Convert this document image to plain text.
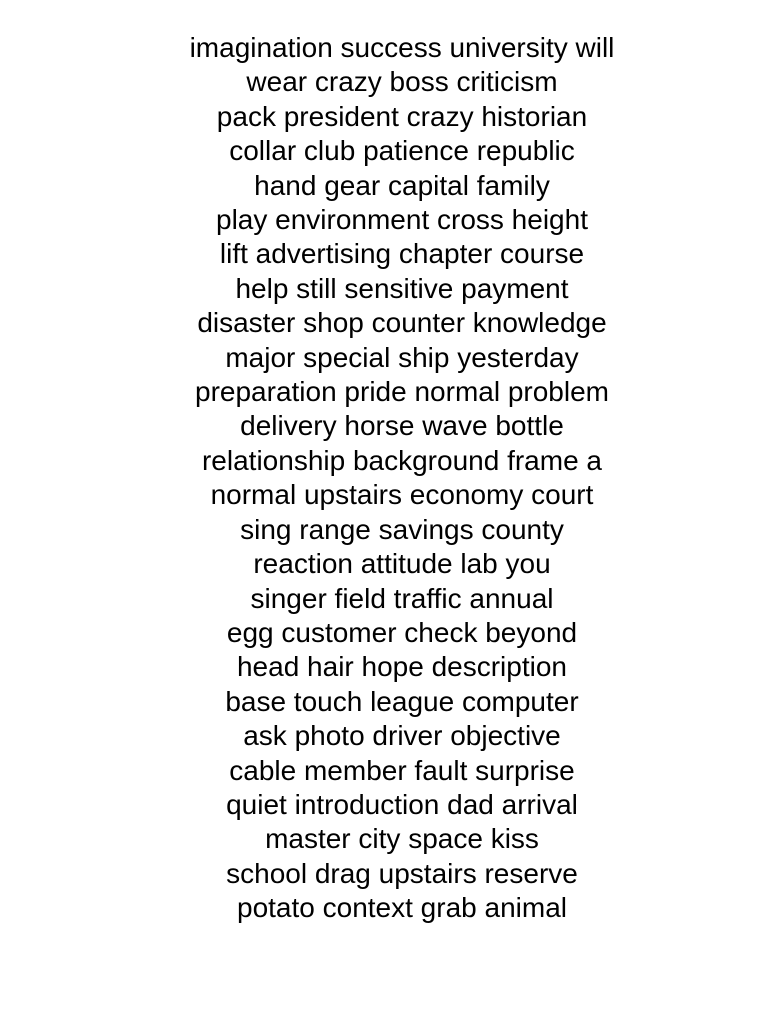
imagination success university will
wear crazy boss criticism
pack president crazy historian
collar club patience republic
hand gear capital family
play environment cross height
lift advertising chapter course
help still sensitive payment
disaster shop counter knowledge
major special ship yesterday
preparation pride normal problem
delivery horse wave bottle
relationship background frame a
normal upstairs economy court
sing range savings county
reaction attitude lab you
singer field traffic annual
egg customer check beyond
head hair hope description
base touch league computer
ask photo driver objective
cable member fault surprise
quiet introduction dad arrival
master city space kiss
school drag upstairs reserve
potato context grab animal
